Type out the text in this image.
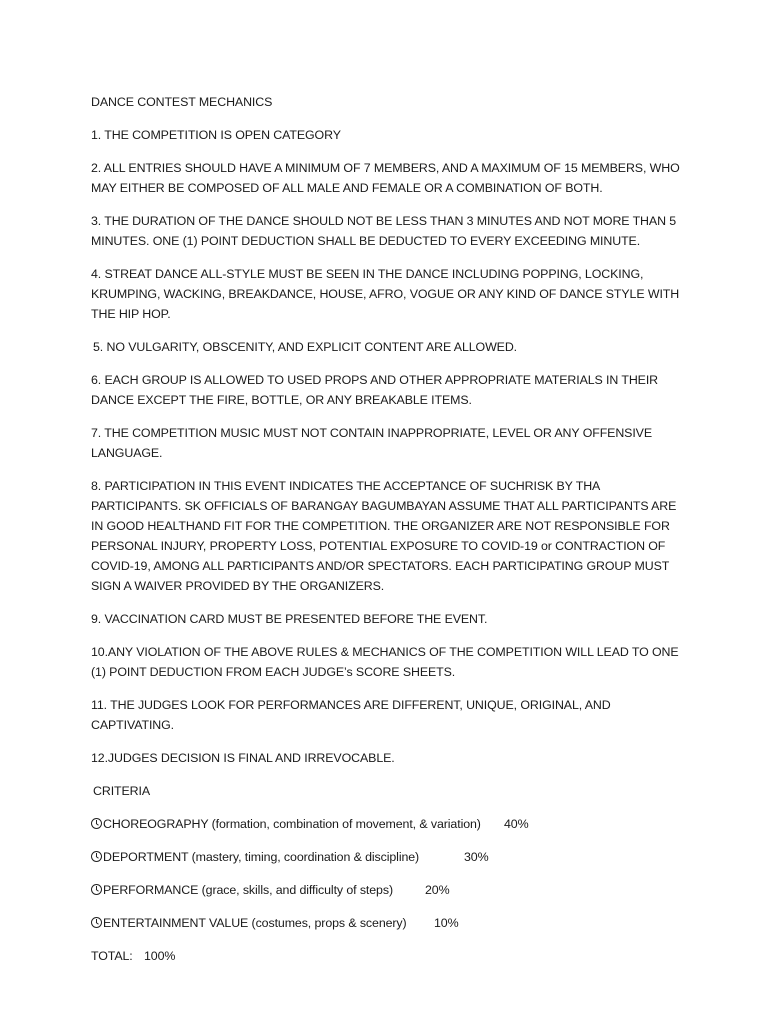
DANCE CONTEST MECHANICS

1. THE COMPETITION IS OPEN CATEGORY

2. ALL ENTRIES SHOULD HAVE A MINIMUM OF 7 MEMBERS, AND A MAXIMUM OF 15 MEMBERS, WHO MAY EITHER BE COMPOSED OF ALL MALE AND FEMALE OR A COMBINATION OF BOTH.

3. THE DURATION OF THE DANCE SHOULD NOT BE LESS THAN 3 MINUTES AND NOT MORE THAN 5 MINUTES. ONE (1) POINT DEDUCTION SHALL BE DEDUCTED TO EVERY EXCEEDING MINUTE.

4. STREAT DANCE ALL-STYLE MUST BE SEEN IN THE DANCE INCLUDING POPPING, LOCKING, KRUMPING, WACKING, BREAKDANCE, HOUSE, AFRO, VOGUE OR ANY KIND OF DANCE STYLE WITH THE HIP HOP.

5. NO VULGARITY, OBSCENITY, AND EXPLICIT CONTENT ARE ALLOWED.

6. EACH GROUP IS ALLOWED TO USED PROPS AND OTHER APPROPRIATE MATERIALS IN THEIR DANCE EXCEPT THE FIRE, BOTTLE, OR ANY BREAKABLE ITEMS.

7. THE COMPETITION MUSIC MUST NOT CONTAIN INAPPROPRIATE, LEVEL OR ANY OFFENSIVE LANGUAGE.

8. PARTICIPATION IN THIS EVENT INDICATES THE ACCEPTANCE OF SUCHRISK BY THA PARTICIPANTS. SK OFFICIALS OF BARANGAY BAGUMBAYAN ASSUME THAT ALL PARTICIPANTS ARE IN GOOD HEALTHAND FIT FOR THE COMPETITION. THE ORGANIZER ARE NOT RESPONSIBLE FOR PERSONAL INJURY, PROPERTY LOSS, POTENTIAL EXPOSURE TO COVID-19 or CONTRACTION OF COVID-19, AMONG ALL PARTICIPANTS AND/OR SPECTATORS. EACH PARTICIPATING GROUP MUST SIGN A WAIVER PROVIDED BY THE ORGANIZERS.

9. VACCINATION CARD MUST BE PRESENTED BEFORE THE EVENT.

10.ANY VIOLATION OF THE ABOVE RULES & MECHANICS OF THE COMPETITION WILL LEAD TO ONE (1) POINT DEDUCTION FROM EACH JUDGE’s SCORE SHEETS.

11. THE JUDGES LOOK FOR PERFORMANCES ARE DIFFERENT, UNIQUE, ORIGINAL, AND CAPTIVATING.

12.JUDGES DECISION IS FINAL AND IRREVOCABLE.

CRITERIA

CHOREOGRAPHY (formation, combination of movement, & variation) 40%
DEPORTMENT (mastery, timing, coordination & discipline)	30%
PERFORMANCE (grace, skills, and difficulty of steps)	20%
ENTERTAINMENT VALUE (costumes, props & scenery) 10%
TOTAL: 100%
